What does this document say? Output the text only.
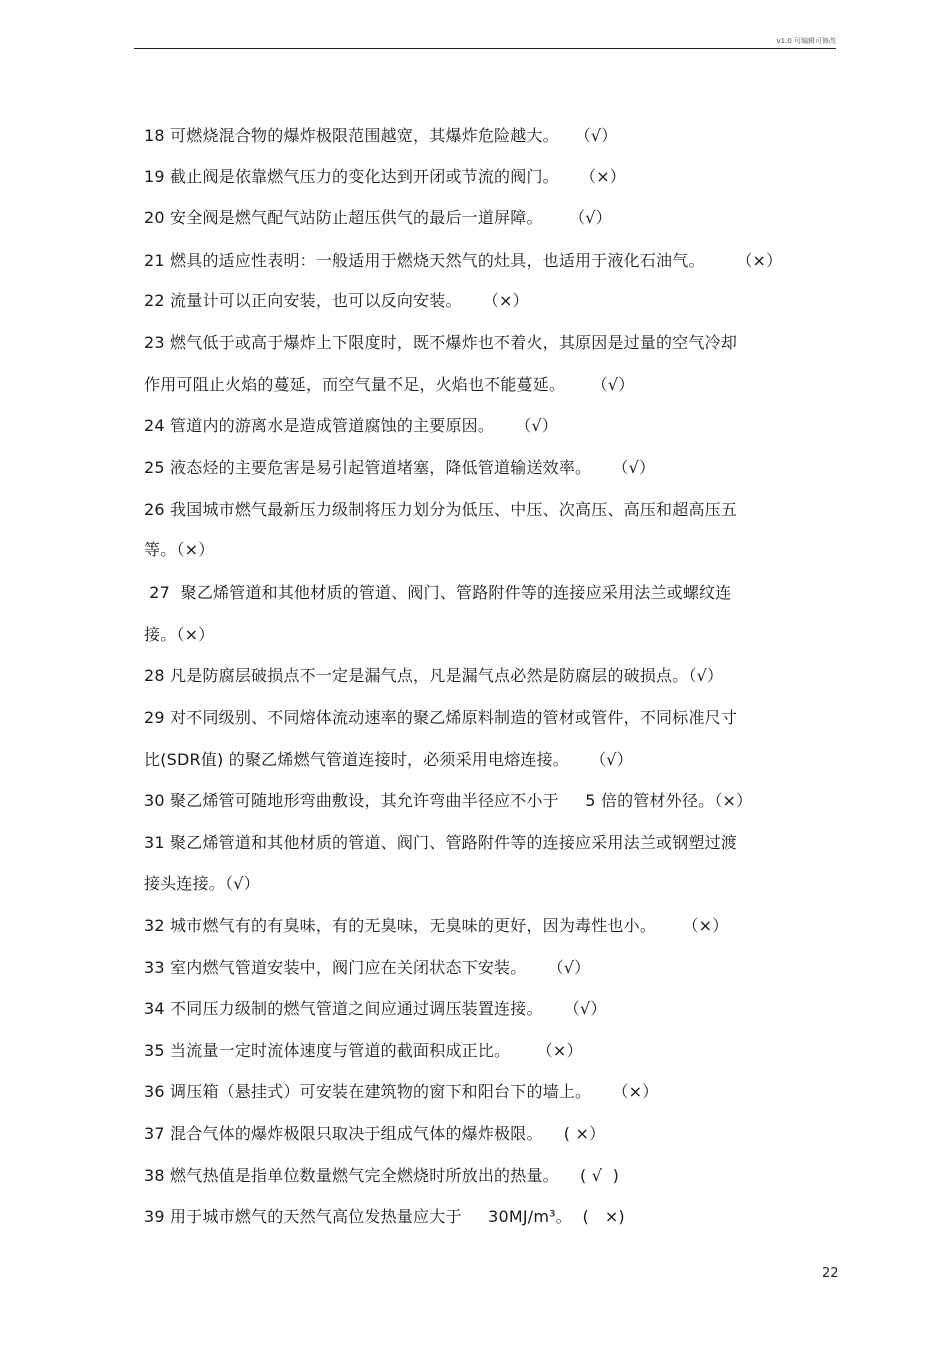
v1.0 可编辑可修改
18 可燃烧混合物的爆炸极限范围越宽，其爆炸危险越大。   （√）
19 截止阀是依靠燃气压力的变化达到开闭或节流的阀门。    （×）
20 安全阀是燃气配气站防止超压供气的最后一道屏障。     （√）
21 燃具的适应性表明：一般适用于燃烧天然气的灶具，也适用于液化石油气。      （×）
22 流量计可以正向安装，也可以反向安装。    （×）
23 燃气低于或高于爆炸上下限度时，既不爆炸也不着火，其原因是过量的空气冷却
作用可阻止火焰的蔓延，而空气量不足，火焰也不能蔓延。     （√）
24 管道内的游离水是造成管道腐蚀的主要原因。    （√）
25 液态烃的主要危害是易引起管道堵塞，降低管道输送效率。    （√）
26 我国城市燃气最新压力级制将压力划分为低压、中压、次高压、高压和超高压五
等。（×）
27  聚乙烯管道和其他材质的管道、阀门、管路附件等的连接应采用法兰或螺纹连
接。（×）
28 凡是防腐层破损点不一定是漏气点，凡是漏气点必然是防腐层的破损点。（√）
29 对不同级别、不同熔体流动速率的聚乙烯原料制造的管材或管件，不同标准尺寸
比(SDR值) 的聚乙烯燃气管道连接时，必须采用电熔连接。    （√）
30 聚乙烯管可随地形弯曲敷设，其允许弯曲半径应不小于     5 倍的管材外径。（×）
31 聚乙烯管道和其他材质的管道、阀门、管路附件等的连接应采用法兰或钢塑过渡
接头连接。（√）
32 城市燃气有的有臭味，有的无臭味，无臭味的更好，因为毒性也小。     （×）
33 室内燃气管道安装中，阀门应在关闭状态下安装。    （√）
34 不同压力级制的燃气管道之间应通过调压装置连接。    （√）
35 当流量一定时流体速度与管道的截面积成正比。     （×）
36 调压箱（悬挂式）可安装在建筑物的窗下和阳台下的墙上。    （×）
37 混合气体的爆炸极限只取决于组成气体的爆炸极限。    ( ×）
38 燃气热值是指单位数量燃气完全燃烧时所放出的热量。    ( √  )
39 用于城市燃气的天然气高位发热量应大于     30MJ/m³。  (   ×)
22
